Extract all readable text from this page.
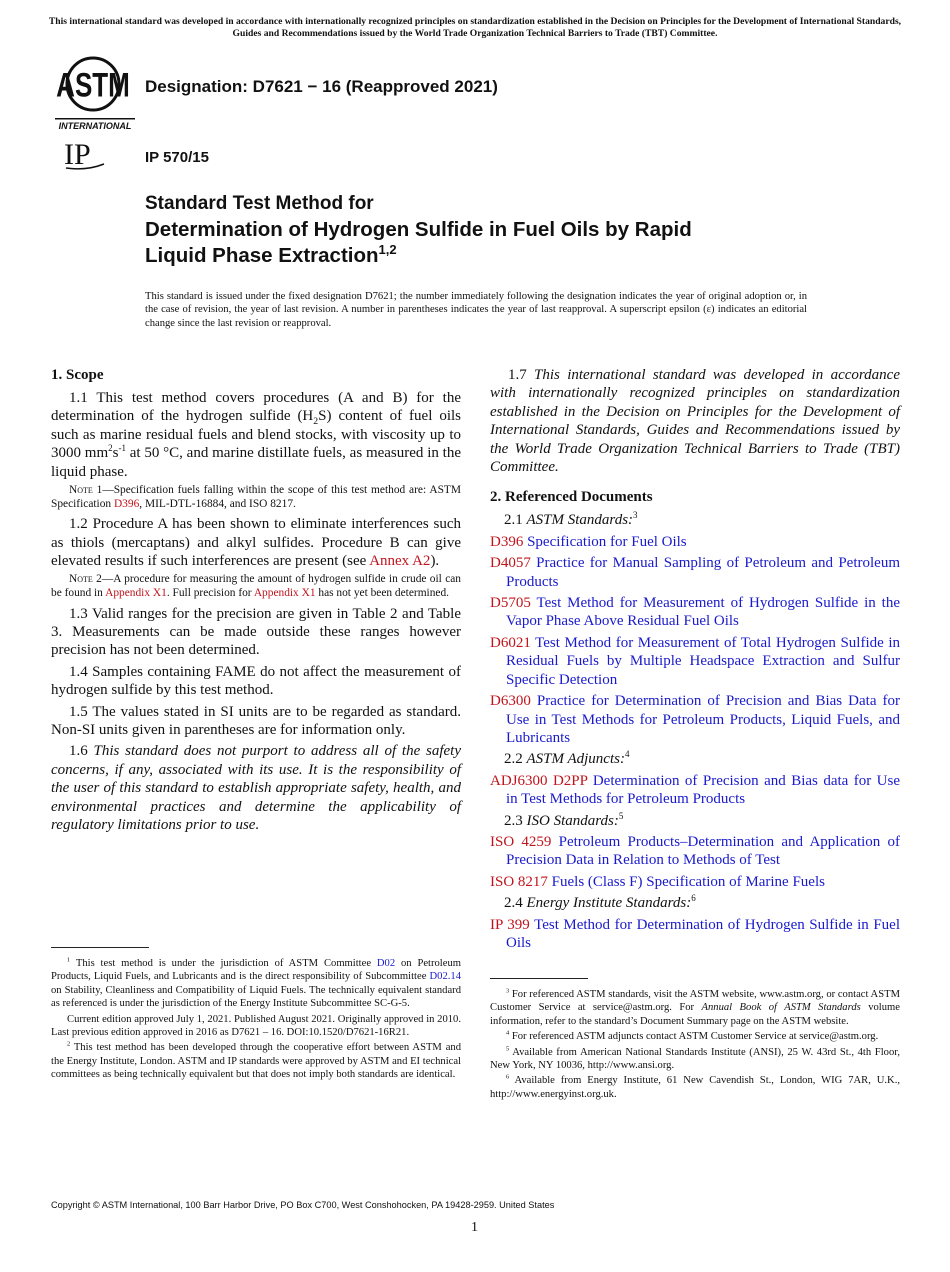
This international standard was developed in accordance with internationally recognized principles on standardization established in the Decision on Principles for the Development of International Standards, Guides and Recommendations issued by the World Trade Organization Technical Barriers to Trade (TBT) Committee.
ASTM
INTERNATIONAL
Designation: D7621 − 16 (Reapproved 2021)
IP	IP 570/15
Standard Test Method for
Determination of Hydrogen Sulfide in Fuel Oils by Rapid
Liquid Phase Extraction$^{1,2}$
This standard is issued under the fixed designation D7621; the number immediately following the designation indicates the year of original adoption or, in the case of revision, the year of last revision. A number in parentheses indicates the year of last reapproval. A superscript epsilon (ε) indicates an editorial change since the last revision or reapproval.
1. Scope

1.1 This test method covers procedures (A and B) for the determination of the hydrogen sulfide $(H_2S)$ content of fuel oils such as marine residual fuels and blend stocks, with viscosity up to 3000 $mm^2s^{-1}$ at 50 °C, and marine distillate fuels, as measured in the liquid phase.

Note 1—Specification fuels falling within the scope of this test method are: ASTM Specification D396, MIL-DTL-16884, and ISO 8217.

1.2 Procedure A has been shown to eliminate interferences such as thiols (mercaptans) and alkyl sulfides. Procedure B can give elevated results if such interferences are present (see Annex A2).

Note 2—A procedure for measuring the amount of hydrogen sulfide in crude oil can be found in Appendix X1. Full precision for Appendix X1 has not yet been determined.

1.3 Valid ranges for the precision are given in Table 2 and Table 3. Measurements can be made outside these ranges however precision has not been determined.

1.4 Samples containing FAME do not affect the measurement of hydrogen sulfide by this test method.

1.5 The values stated in SI units are to be regarded as standard. Non-SI units given in parentheses are for information only.

1.6 This standard does not purport to address all of the safety concerns, if any, associated with its use. It is the responsibility of the user of this standard to establish appropriate safety, health, and environmental practices and determine the applicability of regulatory limitations prior to use.

1.7 This international standard was developed in accordance with internationally recognized principles on standardization established in the Decision on Principles for the Development of International Standards, Guides and Recommendations issued by the World Trade Organization Technical Barriers to Trade (TBT) Committee.

2. Referenced Documents

2.1 ASTM Standards:$^3$

D396 Specification for Fuel Oils

D4057 Practice for Manual Sampling of Petroleum and Petroleum Products

D5705 Test Method for Measurement of Hydrogen Sulfide in the Vapor Phase Above Residual Fuel Oils

D6021 Test Method for Measurement of Total Hydrogen Sulfide in Residual Fuels by Multiple Headspace Extraction and Sulfur Specific Detection

D6300 Practice for Determination of Precision and Bias Data for Use in Test Methods for Petroleum Products, Liquid Fuels, and Lubricants

2.2 ASTM Adjuncts:$^4$

ADJ6300 D2PP Determination of Precision and Bias data for Use in Test Methods for Petroleum Products

2.3 ISO Standards:$^5$

ISO 4259 Petroleum Products–Determination and Application of Precision Data in Relation to Methods of Test

ISO 8217 Fuels (Class F) Specification of Marine Fuels

2.4 Energy Institute Standards:$^6$

IP 399 Test Method for Determination of Hydrogen Sulfide in Fuel Oils

$^1$ This test method is under the jurisdiction of ASTM Committee D02 on Petroleum Products, Liquid Fuels, and Lubricants and is the direct responsibility of Subcommittee D02.14 on Stability, Cleanliness and Compatibility of Liquid Fuels. The technically equivalent standard as referenced is under the jurisdiction of the Energy Institute Subcommittee SC-G-5.

Current edition approved July 1, 2021. Published August 2021. Originally approved in 2010. Last previous edition approved in 2016 as D7621 – 16. DOI:10.1520/D7621-16R21.

$^2$ This test method has been developed through the cooperative effort between ASTM and the Energy Institute, London. ASTM and IP standards were approved by ASTM and EI technical committees as being technically equivalent but that does not imply both standards are identical.

$^3$ For referenced ASTM standards, visit the ASTM website, www.astm.org, or contact ASTM Customer Service at service@astm.org. For Annual Book of ASTM Standards volume information, refer to the standard’s Document Summary page on the ASTM website.

$^4$ For referenced ASTM adjuncts contact ASTM Customer Service at service@astm.org.

$^5$ Available from American National Standards Institute (ANSI), 25 W. 43rd St., 4th Floor, New York, NY 10036, http://www.ansi.org.

$^6$ Available from Energy Institute, 61 New Cavendish St., London, WIG 7AR, U.K., http://www.energyinst.org.uk.

Copyright © ASTM International, 100 Barr Harbor Drive, PO Box C700, West Conshohocken, PA 19428-2959. United States
1
